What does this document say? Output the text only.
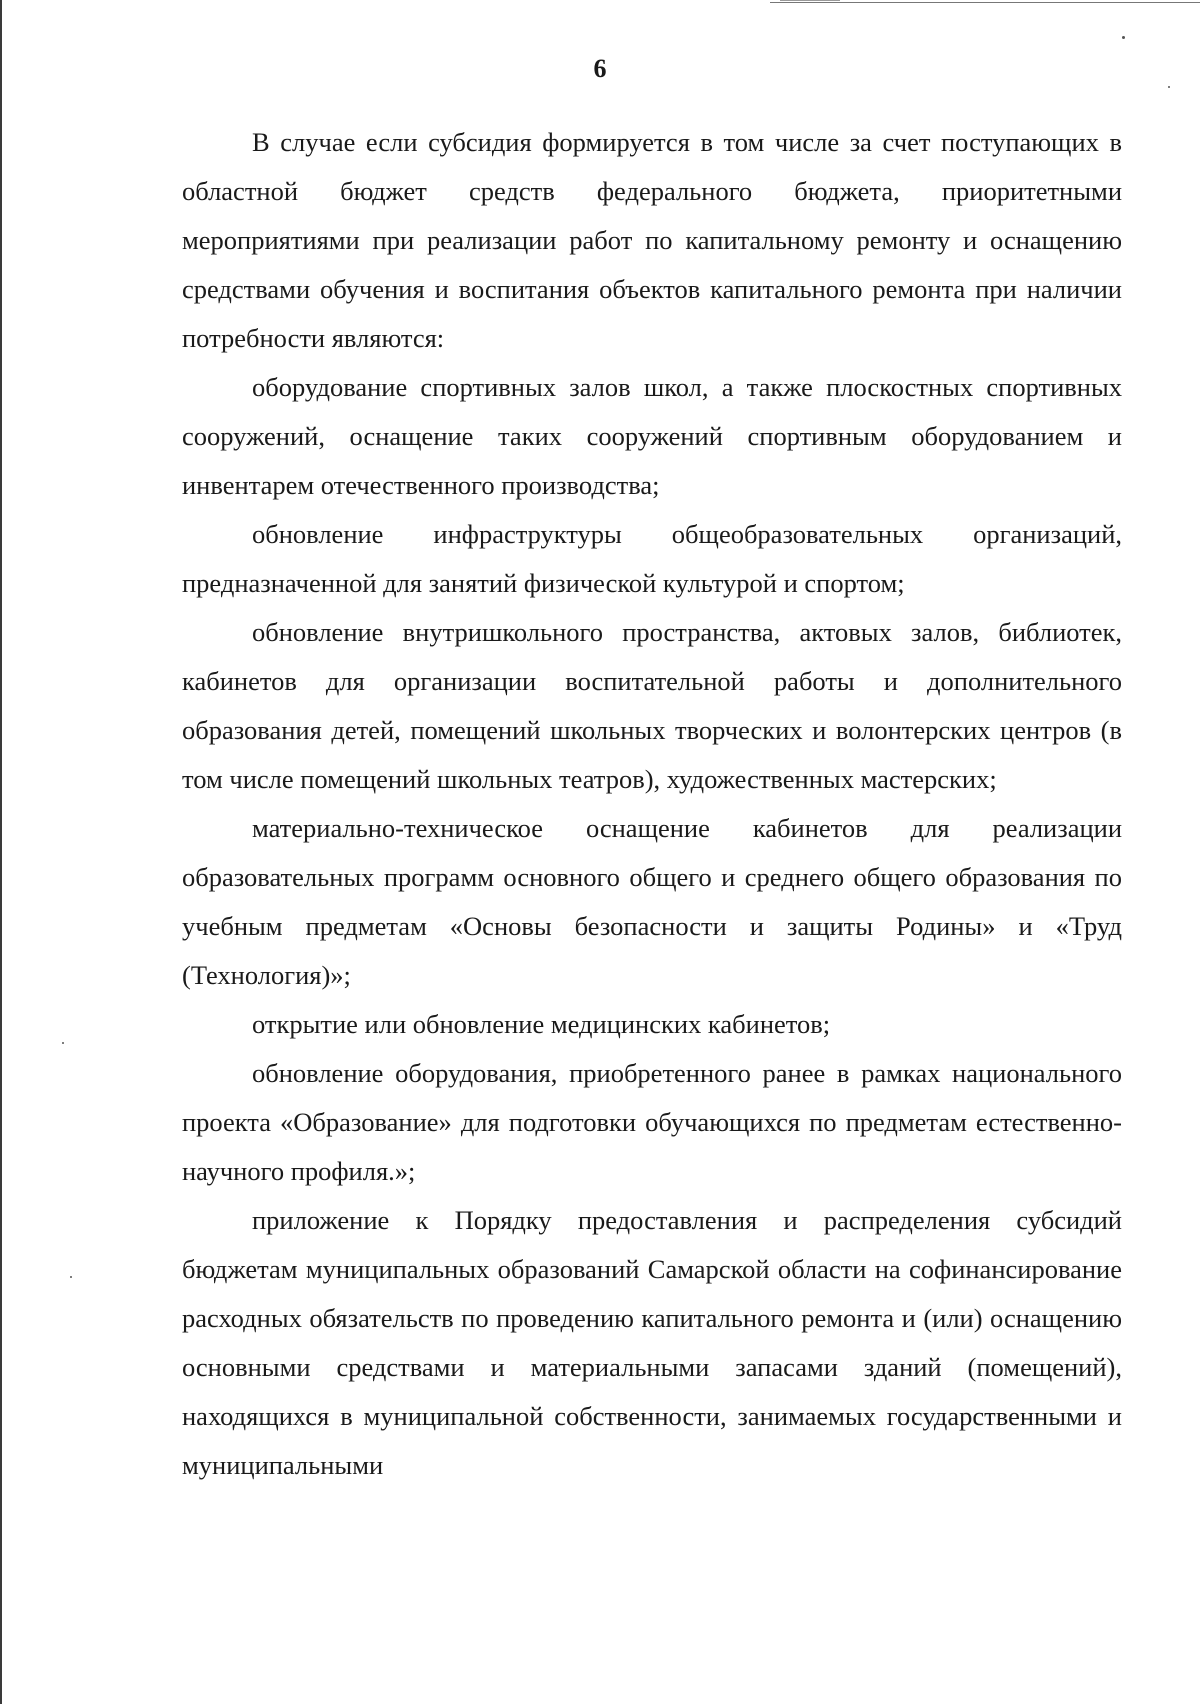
6

В случае если субсидия формируется в том числе за счет поступающих в областной бюджет средств федерального бюджета, приоритетными мероприятиями при реализации работ по капитальному ремонту и оснащению средствами обучения и воспитания объектов капитального ремонта при наличии потребности являются:

оборудование спортивных залов школ, а также плоскостных спортивных сооружений, оснащение таких сооружений спортивным оборудованием и инвентарем отечественного производства;

обновление инфраструктуры общеобразовательных организаций, предназначенной для занятий физической культурой и спортом;

обновление внутришкольного пространства, актовых залов, библиотек, кабинетов для организации воспитательной работы и дополнительного образования детей, помещений школьных творческих и волонтерских центров (в том числе помещений школьных театров), художественных мастерских;

материально-техническое оснащение кабинетов для реализации образовательных программ основного общего и среднего общего образования по учебным предметам «Основы безопасности и защиты Родины» и «Труд (Технология)»;

открытие или обновление медицинских кабинетов;

обновление оборудования, приобретенного ранее в рамках национального проекта «Образование» для подготовки обучающихся по предметам естественно-научного профиля.»;

приложение к Порядку предоставления и распределения субсидий бюджетам муниципальных образований Самарской области на софинансирование расходных обязательств по проведению капитального ремонта и (или) оснащению основными средствами и материальными запасами зданий (помещений), находящихся в муниципальной собственности, занимаемых государственными и муниципальными
